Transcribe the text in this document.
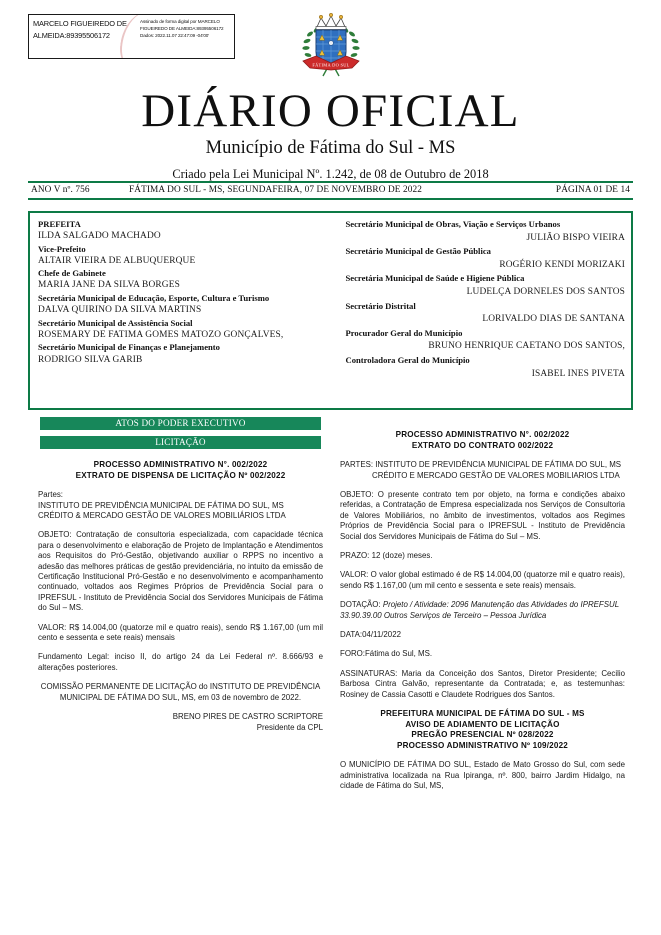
MARCELO FIGUEIREDO DE ALMEIDA:89395506172
Assinado de forma digital por MARCELO FIGUEIREDO DE ALMEIDA:89395506172 Dados: 2022.11.07 22:47:09 -04'00'
FÁTIMA DO SUL
DIÁRIO OFICIAL
Município de Fátima do Sul - MS
Criado pela Lei Municipal Nº. 1.242, de 08 de Outubro de 2018
ANO V nº. 756	FÁTIMA DO SUL - MS, SEGUNDAFEIRA, 07 DE NOVEMBRO DE 2022	PÁGINA 01 DE 14
PREFEITA
ILDA SALGADO MACHADO
Vice-Prefeito
ALTAIR VIEIRA DE ALBUQUERQUE
Chefe de Gabinete
MARIA JANE DA SILVA BORGES
Secretária Municipal de Educação, Esporte, Cultura e Turismo
DALVA QUIRINO DA SILVA MARTINS
Secretário Municipal de Assistência Social
ROSEMARY DE FATIMA GOMES MATOZO GONÇALVES,
Secretário Municipal de Finanças e Planejamento
RODRIGO SILVA GARIB
Secretário Municipal de Obras, Viação e Serviços Urbanos
JULIÃO BISPO VIEIRA
Secretário Municipal de Gestão Pública
ROGÉRIO KENDI MORIZAKI
Secretária Municipal de Saúde e Higiene Pública
LUDELÇA DORNELES DOS SANTOS
Secretário Distrital
LORIVALDO DIAS DE SANTANA
Procurador Geral do Município
BRUNO HENRIQUE CAETANO DOS SANTOS,
Controladora Geral do Município
ISABEL INES PIVETA
ATOS DO PODER EXECUTIVO
LICITAÇÃO
PROCESSO ADMINISTRATIVO N°. 002/2022
EXTRATO DE DISPENSA DE LICITAÇÃO Nº 002/2022
Partes:
INSTITUTO DE PREVIDÊNCIA MUNICIPAL DE FÁTIMA DO SUL, MS
CRÉDITO & MERCADO GESTÃO DE VALORES MOBILIÁRIOS LTDA
OBJETO: Contratação de consultoria especializada, com capacidade técnica para o desenvolvimento e elaboração de Projeto de Implantação e Atendimentos aos Requisitos do Pró-Gestão, objetivando auxiliar o RPPS no incentivo a adesão das melhores práticas de gestão previdenciária, no intuito da emissão de Certificação Institucional Pró-Gestão e no desenvolvimento e acompanhamento continuado, voltados aos Regimes Próprios de Previdência Social para o IPREFSUL - Instituto de Previdência Social dos Servidores Municipais de Fátima do Sul – MS.
VALOR: R$ 14.004,00 (quatorze mil e quatro reais), sendo R$ 1.167,00 (um mil cento e sessenta e sete reais) mensais
Fundamento Legal: inciso II, do artigo 24 da Lei Federal nº. 8.666/93 e alterações posteriores.
COMISSÃO PERMANENTE DE LICITAÇÃO do INSTITUTO DE PREVIDÊNCIA MUNICIPAL DE FÁTIMA DO SUL, MS, em 03 de novembro de 2022.
BRENO PIRES DE CASTRO SCRIPTORE
Presidente da CPL
PROCESSO ADMINISTRATIVO N°. 002/2022
EXTRATO DO CONTRATO 002/2022
PARTES: INSTITUTO DE PREVIDÊNCIA MUNICIPAL DE FÁTIMA DO SUL, MS
CRÉDITO E MERCADO GESTÃO DE VALORES MOBILIARIOS LTDA
OBJETO: O presente contrato tem por objeto, na forma e condições abaixo referidas, a Contratação de Empresa especializada nos Serviços de Consultoria de Valores Mobiliários, no âmbito de investimentos, voltados aos Regimes Próprios de Previdência Social para o IPREFSUL - Instituto de Previdência Social dos Servidores Municipais de Fátima do Sul – MS.
PRAZO: 12 (doze) meses.
VALOR: O valor global estimado é de R$ 14.004,00 (quatorze mil e quatro reais), sendo R$ 1.167,00 (um mil cento e sessenta e sete reais) mensais.
DOTAÇÃO: Projeto / Atividade: 2096 Manutenção das Atividades do IPREFSUL
33.90.39.00 Outros Serviços de Terceiro – Pessoa Jurídica
DATA:04/11/2022
FORO:Fátima do Sul, MS.
ASSINATURAS: Maria da Conceição dos Santos, Diretor Presidente; Cecilio Barbosa Cintra Galvão, representante da Contratada; e, as testemunhas: Rosiney de Cassia Casotti e Claudete Rodrigues dos Santos.
PREFEITURA MUNICIPAL DE FÁTIMA DO SUL - MS
AVISO DE ADIAMENTO DE LICITAÇÃO
PREGÃO PRESENCIAL Nº 028/2022
PROCESSO ADMINISTRATIVO Nº 109/2022
O MUNICÍPIO DE FÁTIMA DO SUL, Estado de Mato Grosso do Sul, com sede administrativa localizada na Rua Ipiranga, nº. 800, bairro Jardim Hidalgo, na cidade de Fátima do Sul, MS,
